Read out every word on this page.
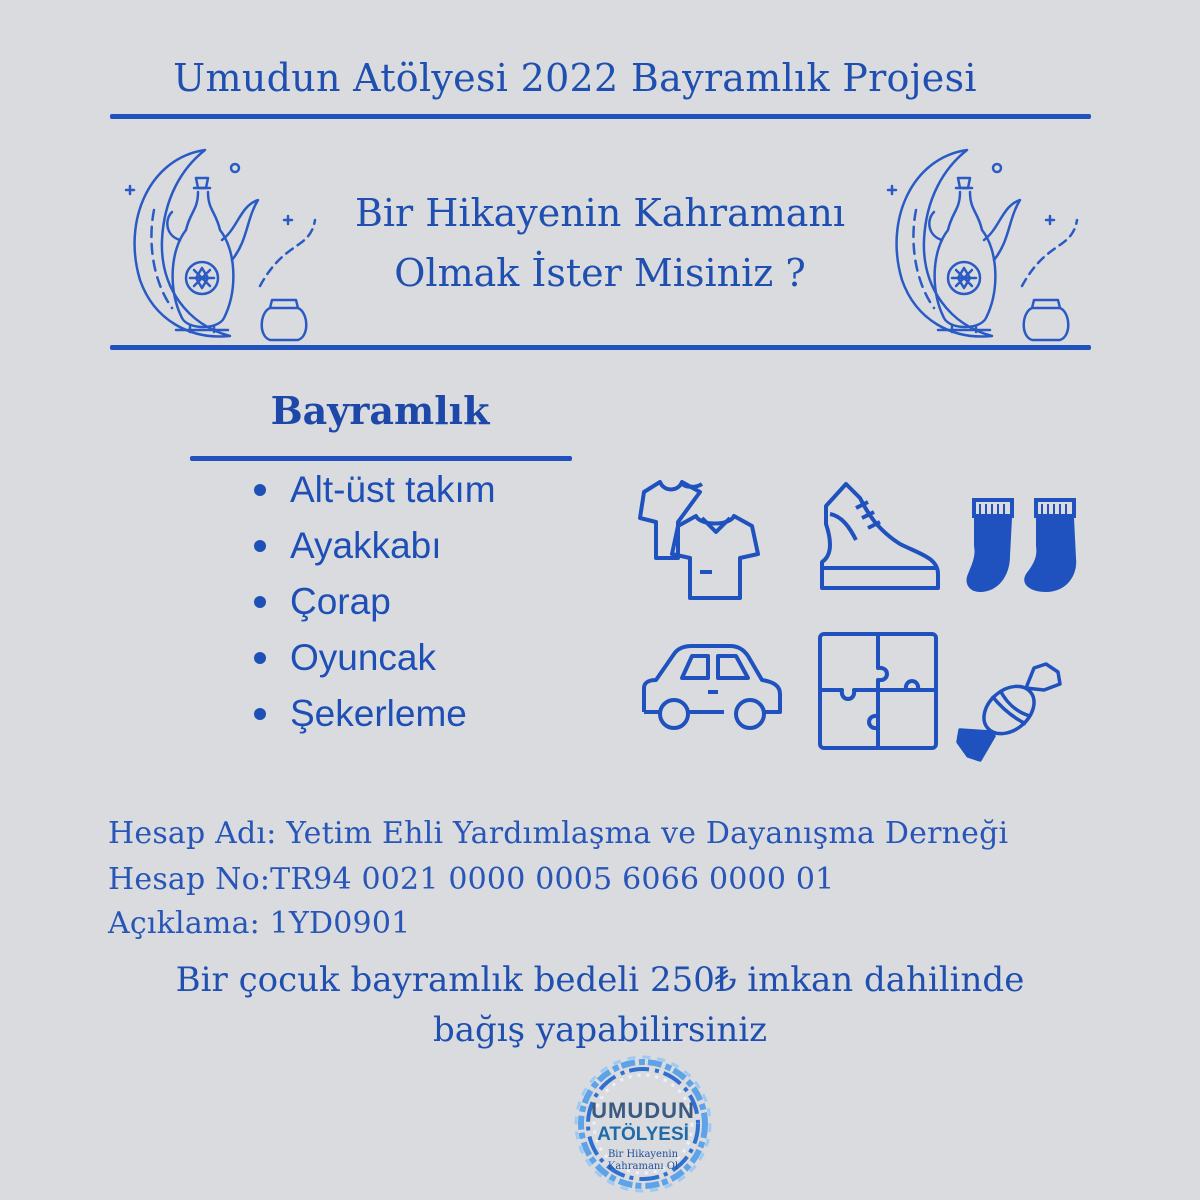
Umudun Atölyesi 2022 Bayramlık Projesi
Bir Hikayenin Kahramanı
Olmak İster Misiniz ?
Bayramlık
Alt-üst takım
Ayakkabı
Çorap
Oyuncak
Şekerleme
Hesap Adı: Yetim Ehli Yardımlaşma ve Dayanışma Derneği
Hesap No:TR94 0021 0000 0005 6066 0000 01
Açıklama: 1YD0901
Bir çocuk bayramlık bedeli 250₺ imkan dahilinde
bağış yapabilirsiniz
UMUDUN
ATÖLYESİ
Bir Hikayenin
Kahramanı Ol
